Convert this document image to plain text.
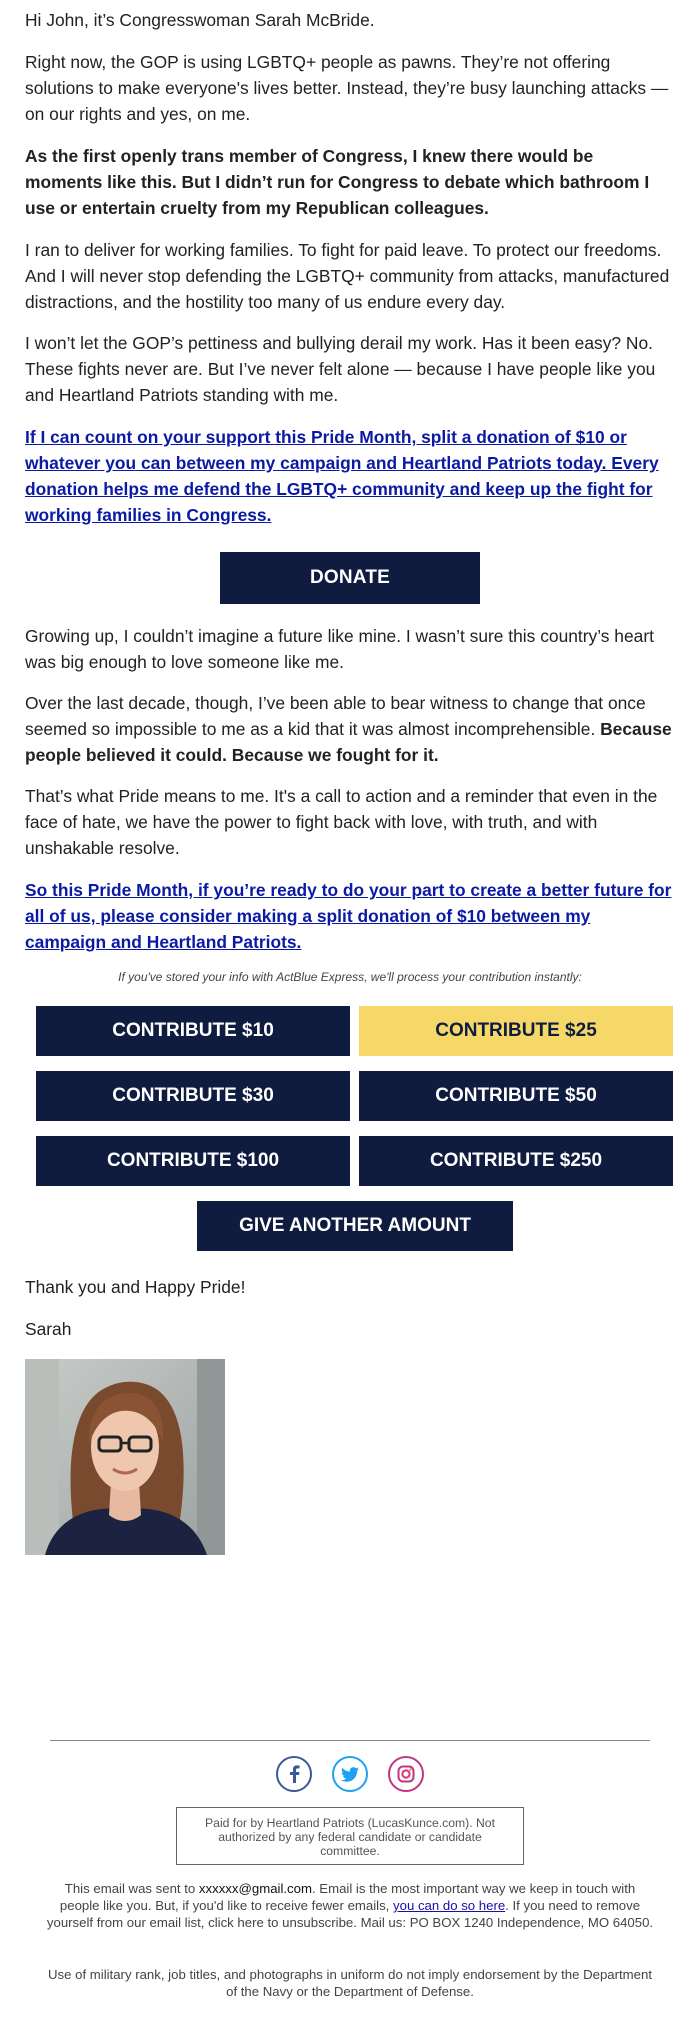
Hi John, it’s Congresswoman Sarah McBride.

Right now, the GOP is using LGBTQ+ people as pawns. They’re not offering solutions to make everyone's lives better. Instead, they’re busy launching attacks — on our rights and yes, on me.

As the first openly trans member of Congress, I knew there would be moments like this. But I didn’t run for Congress to debate which bathroom I use or entertain cruelty from my Republican colleagues.

I ran to deliver for working families. To fight for paid leave. To protect our freedoms. And I will never stop defending the LGBTQ+ community from attacks, manufactured distractions, and the hostility too many of us endure every day.

I won’t let the GOP’s pettiness and bullying derail my work. Has it been easy? No. These fights never are. But I’ve never felt alone — because I have people like you and Heartland Patriots standing with me.

If I can count on your support this Pride Month, split a donation of $10 or whatever you can between my campaign and Heartland Patriots today. Every donation helps me defend the LGBTQ+ community and keep up the fight for working families in Congress.

DONATE

Growing up, I couldn’t imagine a future like mine. I wasn’t sure this country’s heart was big enough to love someone like me.

Over the last decade, though, I’ve been able to bear witness to change that once seemed so impossible to me as a kid that it was almost incomprehensible. Because people believed it could. Because we fought for it.

That’s what Pride means to me. It's a call to action and a reminder that even in the face of hate, we have the power to fight back with love, with truth, and with unshakable resolve.

So this Pride Month, if you’re ready to do your part to create a better future for all of us, please consider making a split donation of $10 between my campaign and Heartland Patriots.

If you've stored your info with ActBlue Express, we'll process your contribution instantly:
CONTRIBUTE $10	CONTRIBUTE $25
CONTRIBUTE $30	CONTRIBUTE $50
CONTRIBUTE $100	CONTRIBUTE $250
GIVE ANOTHER AMOUNT

Thank you and Happy Pride!

Sarah

Paid for by Heartland Patriots (LucasKunce.com). Not authorized by any federal candidate or candidate committee.
This email was sent to xxxxxx@gmail.com. Email is the most important way we keep in touch with people like you. But, if you'd like to receive fewer emails, you can do so here. If you need to remove yourself from our email list, click here to unsubscribe. Mail us: PO BOX 1240 Independence, MO 64050.
Use of military rank, job titles, and photographs in uniform do not imply endorsement by the Department of the Navy or the Department of Defense.
